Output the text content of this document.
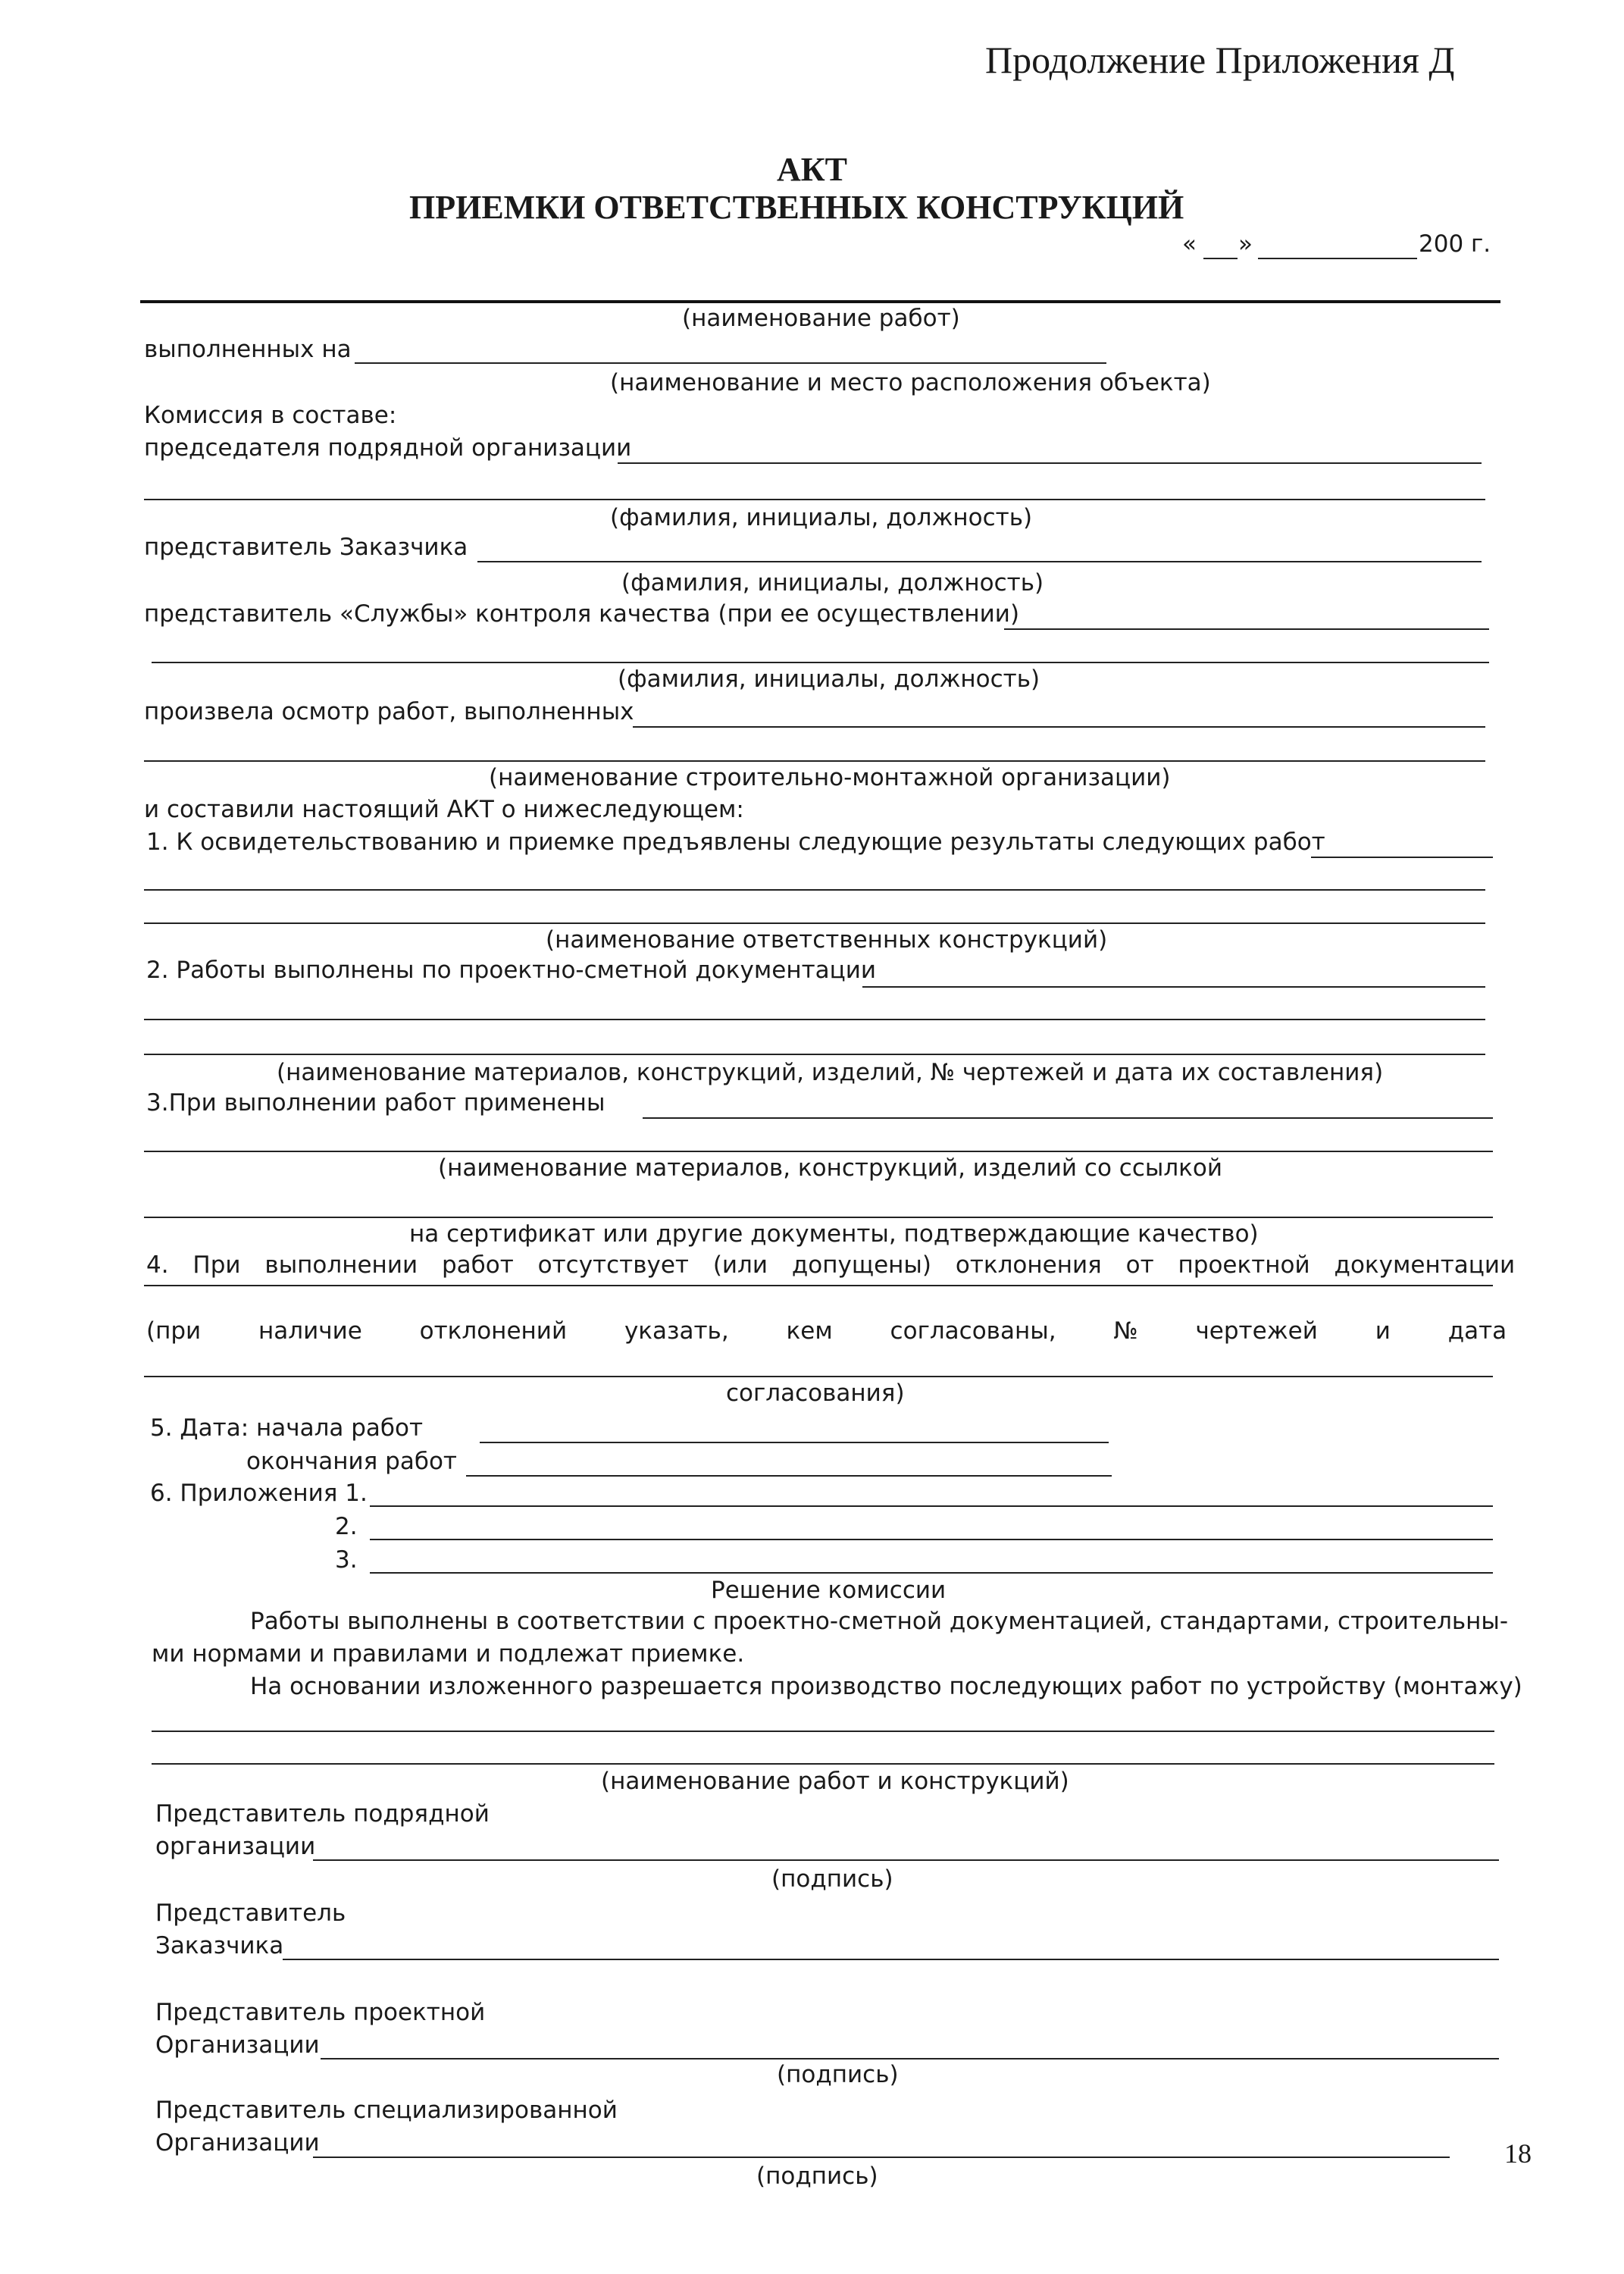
Продолжение Приложения Д
АКТ
ПРИЕМКИ ОТВЕТСТВЕННЫХ КОНСТРУКЦИЙ
« »	200 г.
(наименование работ)
выполненных на
(наименование и место расположения объекта)
Комиссия в составе:
председателя подрядной организации
(фамилия, инициалы, должность)
представитель Заказчика
(фамилия, инициалы, должность)
представитель «Службы» контроля качества (при ее осуществлении)
(фамилия, инициалы, должность)
произвела осмотр работ, выполненных
(наименование строительно-монтажной организации)
и составили настоящий АКТ о нижеследующем:
1. К освидетельствованию и приемке предъявлены следующие результаты следующих работ
(наименование ответственных конструкций)
2. Работы выполнены по проектно-сметной документации
(наименование материалов, конструкций, изделий, № чертежей и дата их составления)
3.При выполнении работ применены
(наименование материалов, конструкций, изделий со ссылкой
на сертификат или другие документы, подтверждающие качество)
4. При выполнении работ отсутствует (или допущены) отклонения от проектной документации
(при наличие отклонений указать, кем согласованы, № чертежей и дата
согласования)
5. Дата: начала работ
окончания работ
6. Приложения 1.
2.
3.
Решение комиссии
Работы выполнены в соответствии с проектно-сметной документацией, стандартами, строительны-
ми нормами и правилами и подлежат приемке.
На основании изложенного разрешается производство последующих работ по устройству (монтажу)
(наименование работ и конструкций)
Представитель подрядной
организации
(подпись)
Представитель
Заказчика
Представитель проектной
Организации
(подпись)
Представитель специализированной
Организации
(подпись)
18
